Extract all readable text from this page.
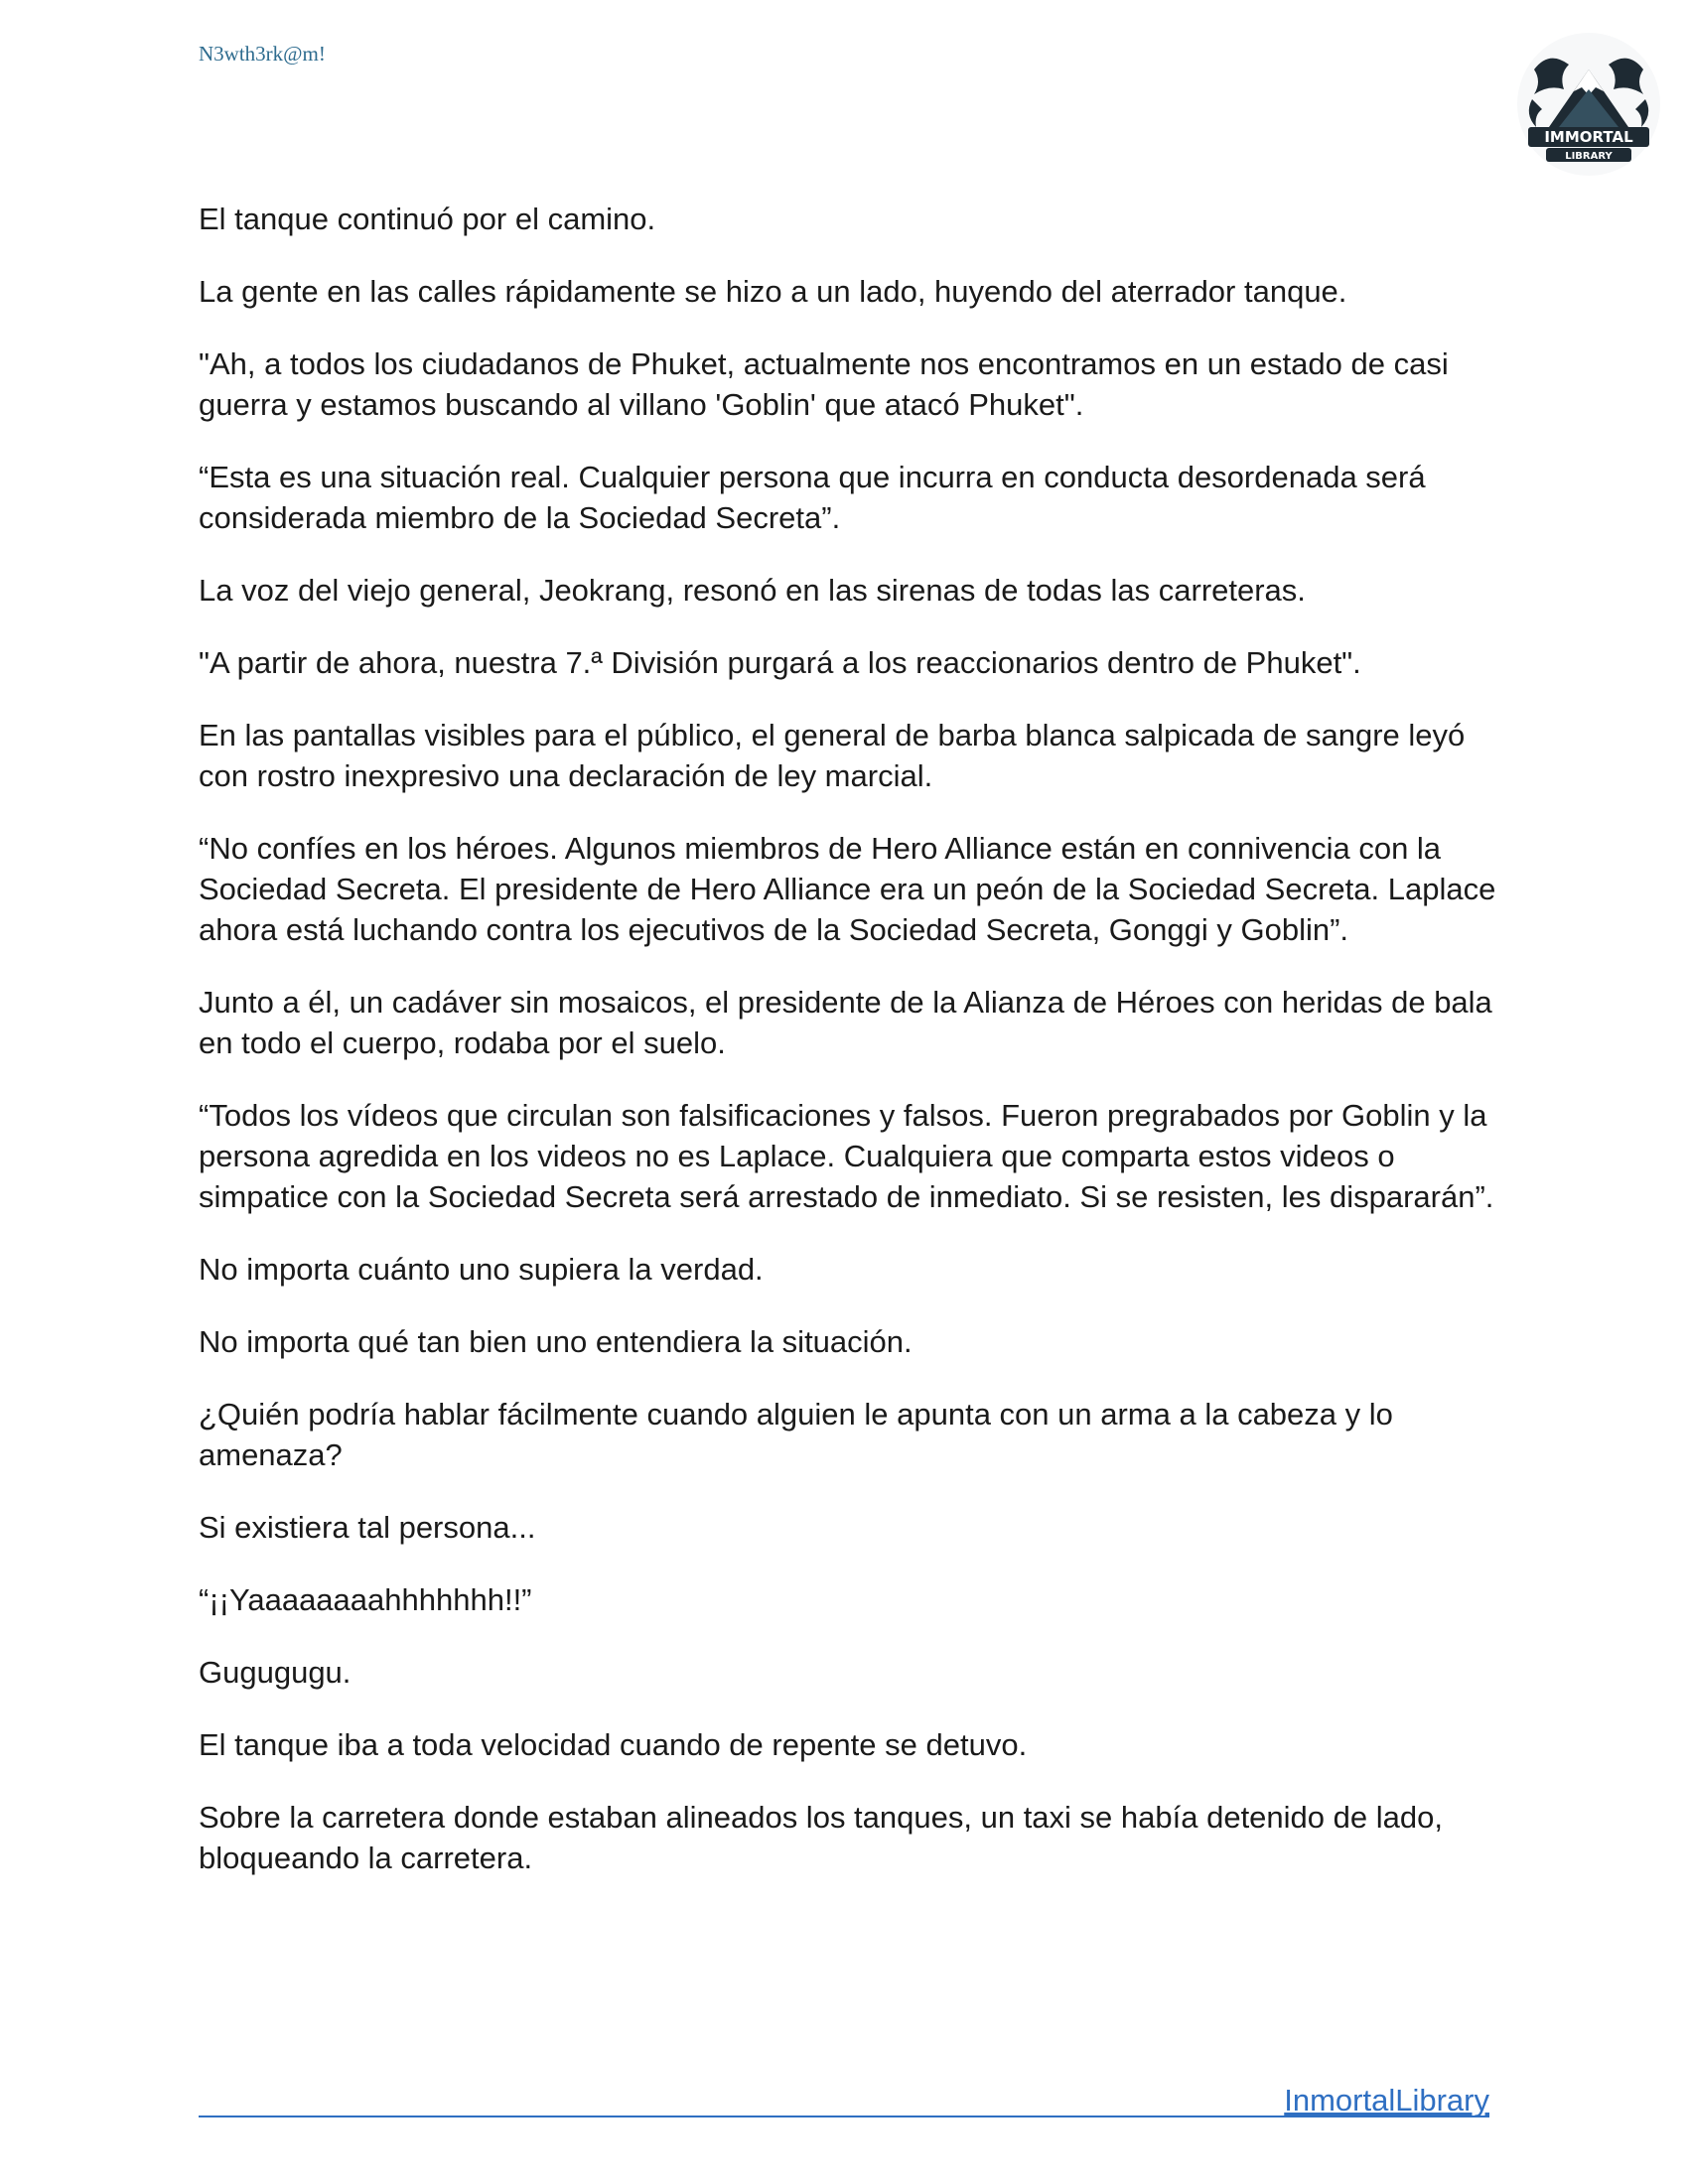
N3wth3rk@m!
IMMORTAL
LIBRARY

El tanque continuó por el camino.

La gente en las calles rápidamente se hizo a un lado, huyendo del aterrador tanque.

"Ah, a todos los ciudadanos de Phuket, actualmente nos encontramos en un estado de casi guerra y estamos buscando al villano 'Goblin' que atacó Phuket".

“Esta es una situación real. Cualquier persona que incurra en conducta desordenada será considerada miembro de la Sociedad Secreta”.

La voz del viejo general, Jeokrang, resonó en las sirenas de todas las carreteras.

"A partir de ahora, nuestra 7.ª División purgará a los reaccionarios dentro de Phuket".

En las pantallas visibles para el público, el general de barba blanca salpicada de sangre leyó con rostro inexpresivo una declaración de ley marcial.

“No confíes en los héroes. Algunos miembros de Hero Alliance están en connivencia con la Sociedad Secreta. El presidente de Hero Alliance era un peón de la Sociedad Secreta. Laplace ahora está luchando contra los ejecutivos de la Sociedad Secreta, Gonggi y Goblin”.

Junto a él, un cadáver sin mosaicos, el presidente de la Alianza de Héroes con heridas de bala en todo el cuerpo, rodaba por el suelo.

“Todos los vídeos que circulan son falsificaciones y falsos. Fueron pregrabados por Goblin y la persona agredida en los videos no es Laplace. Cualquiera que comparta estos videos o simpatice con la Sociedad Secreta será arrestado de inmediato. Si se resisten, les dispararán”.

No importa cuánto uno supiera la verdad.

No importa qué tan bien uno entendiera la situación.

¿Quién podría hablar fácilmente cuando alguien le apunta con un arma a la cabeza y lo amenaza?

Si existiera tal persona...

“¡¡Yaaaaaaaahhhhhhh!!”

Gugugugu.

El tanque iba a toda velocidad cuando de repente se detuvo.

Sobre la carretera donde estaban alineados los tanques, un taxi se había detenido de lado, bloqueando la carretera.

InmortalLibrary
